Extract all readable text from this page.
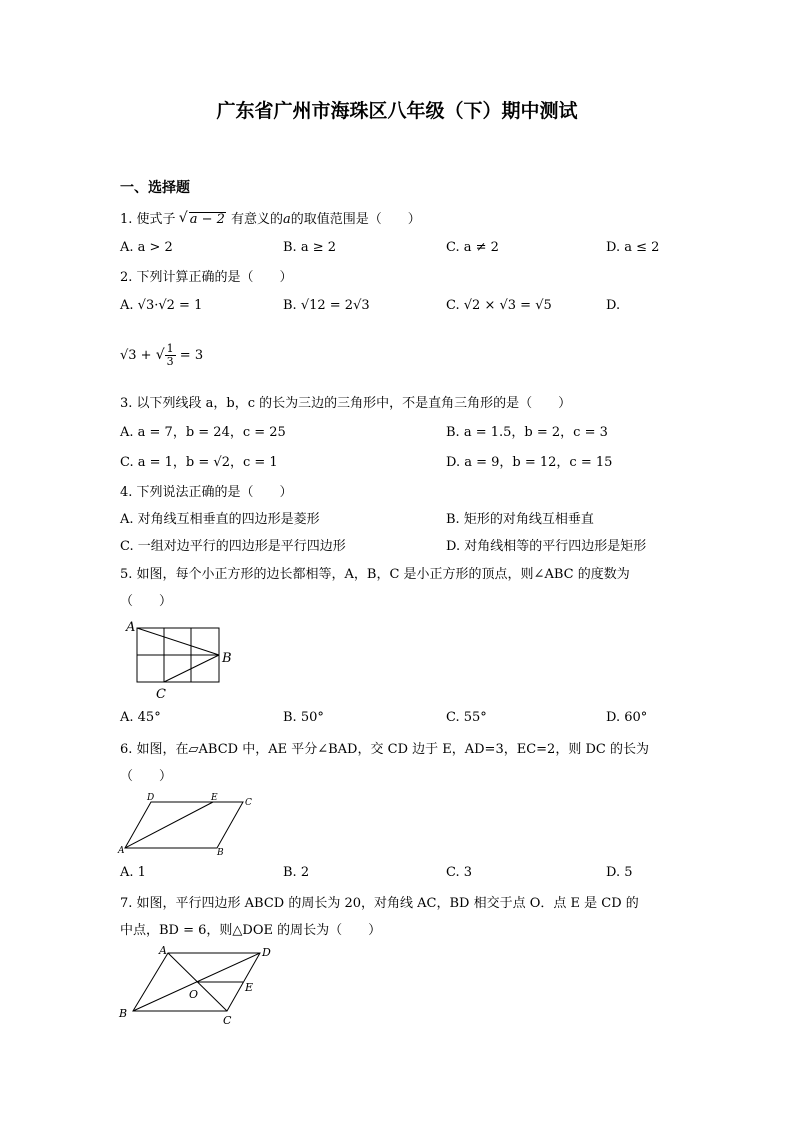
广东省广州市海珠区八年级（下）期中测试
一、选择题
1. 使式子 √ a − 2 有意义的a的取值范围是（　　）
A. a > 2	B. a ≥ 2	C. a ≠ 2	D. a ≤ 2
2. 下列计算正确的是（　　）
A. √3·√2 = 1	B. √12 = 2√3	C. √2 × √3 = √5	D.
√3 + √ $\frac{1}{3} = 3$
3. 以下列线段 a，b，c 的长为三边的三角形中，不是直角三角形的是（　　）
A. a = 7，b = 24，c = 25	B. a = 1.5，b = 2，c = 3
C. a = 1，b = √2，c = 1	D. a = 9，b = 12，c = 15
4. 下列说法正确的是（　　）
A. 对角线互相垂直的四边形是菱形	B. 矩形的对角线互相垂直
C. 一组对边平行的四边形是平行四边形	D. 对角线相等的平行四边形是矩形
5. 如图，每个小正方形的边长都相等，A，B，C 是小正方形的顶点，则∠ABC 的度数为
（　　）
A
B
C
A. 45°	B. 50°	C. 55°	D. 60°
6. 如图，在▱ABCD 中，AE 平分∠BAD，交 CD 边于 E，AD=3，EC=2，则 DC 的长为
（　　）
A	B
C
D	E
A. 1	B. 2	C. 3	D. 5
7. 如图，平行四边形 ABCD 的周长为 20，对角线 AC，BD 相交于点 O．点 E 是 CD 的
中点，BD = 6，则△DOE 的周长为（　　）
A
B
C
D
E
O
